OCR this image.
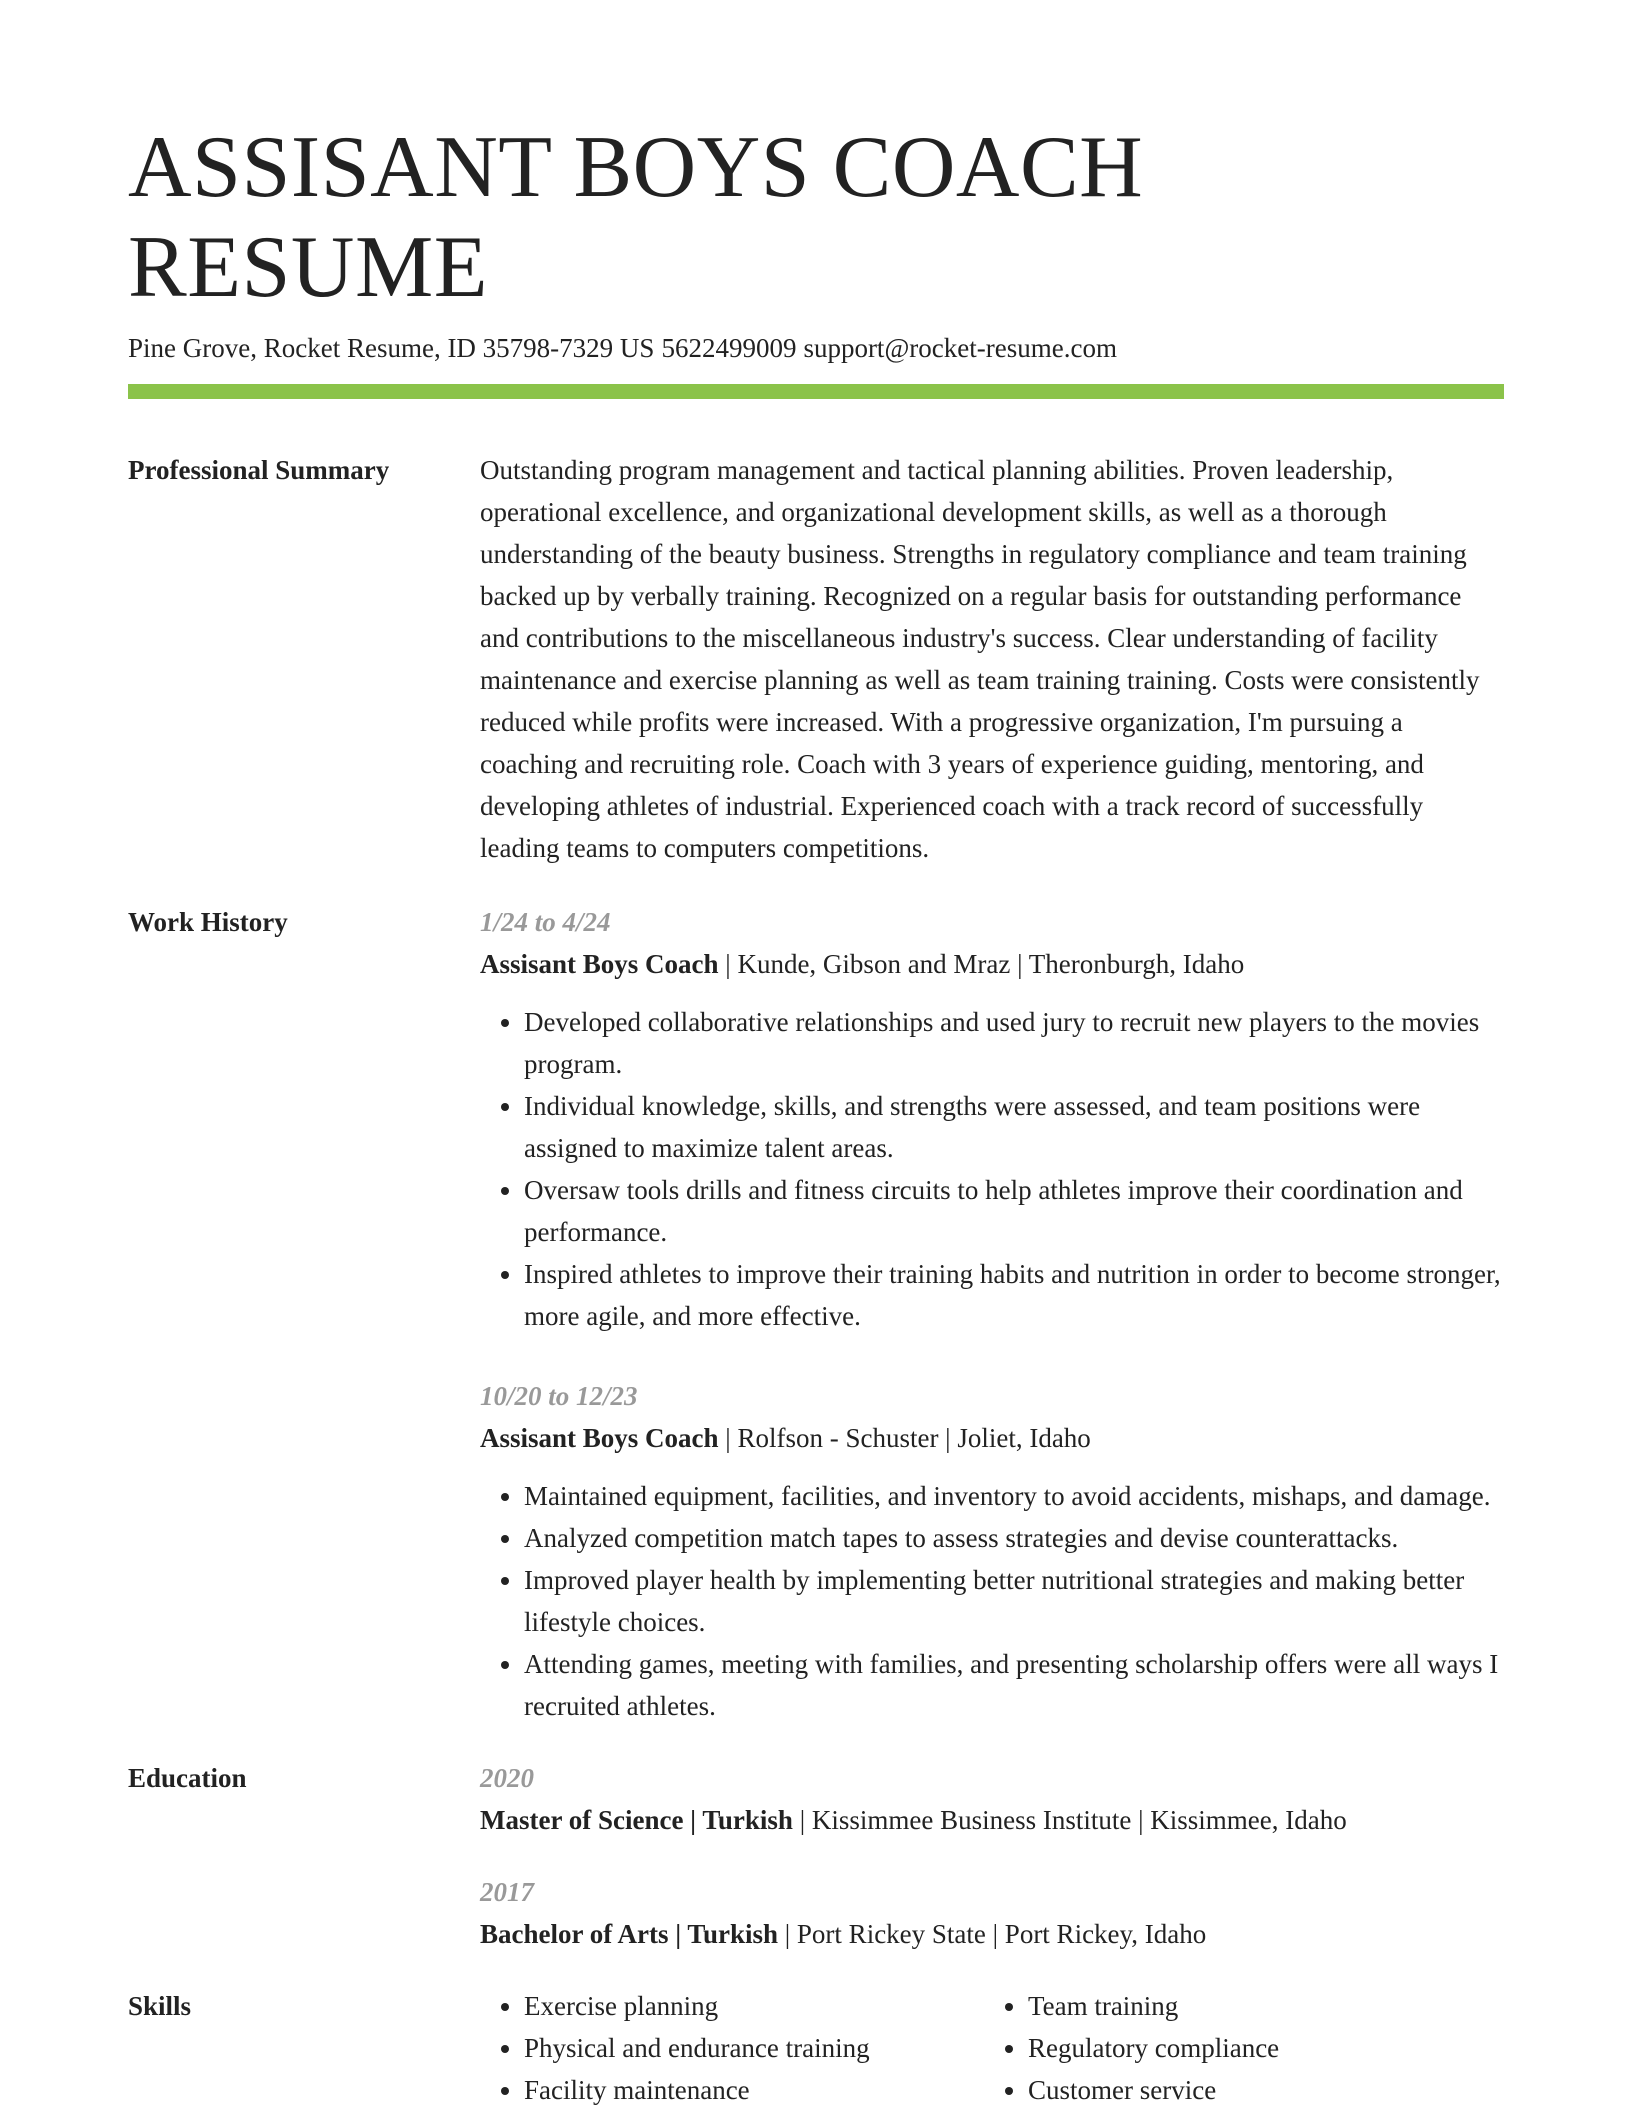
ASSISANT BOYS COACH RESUME
Pine Grove, Rocket Resume, ID 35798-7329 US 5622499009 support@rocket-resume.com
Professional Summary	Outstanding program management and tactical planning abilities. Proven leadership, operational excellence, and organizational development skills, as well as a thorough understanding of the beauty business. Strengths in regulatory compliance and team training backed up by verbally training. Recognized on a regular basis for outstanding performance and contributions to the miscellaneous industry's success. Clear understanding of facility maintenance and exercise planning as well as team training training. Costs were consistently reduced while profits were increased. With a progressive organization, I'm pursuing a coaching and recruiting role. Coach with 3 years of experience guiding, mentoring, and developing athletes of industrial. Experienced coach with a track record of successfully leading teams to computers competitions.

Work History	1/24 to 4/24
Assisant Boys Coach | Kunde, Gibson and Mraz | Theronburgh, Idaho
• Developed collaborative relationships and used jury to recruit new players to the movies program.
• Individual knowledge, skills, and strengths were assessed, and team positions were assigned to maximize talent areas.
• Oversaw tools drills and fitness circuits to help athletes improve their coordination and performance.
• Inspired athletes to improve their training habits and nutrition in order to become stronger, more agile, and more effective.
10/20 to 12/23
Assisant Boys Coach | Rolfson - Schuster | Joliet, Idaho
• Maintained equipment, facilities, and inventory to avoid accidents, mishaps, and damage.
• Analyzed competition match tapes to assess strategies and devise counterattacks.
• Improved player health by implementing better nutritional strategies and making better lifestyle choices.
• Attending games, meeting with families, and presenting scholarship offers were all ways I recruited athletes.
Education	2020
Master of Science | Turkish | Kissimmee Business Institute | Kissimmee, Idaho
2017
Bachelor of Arts | Turkish | Port Rickey State | Port Rickey, Idaho
Skills
•	Exercise planning
• Physical and endurance training
• Facility maintenance
• Team training
• Regulatory compliance
• Customer service
